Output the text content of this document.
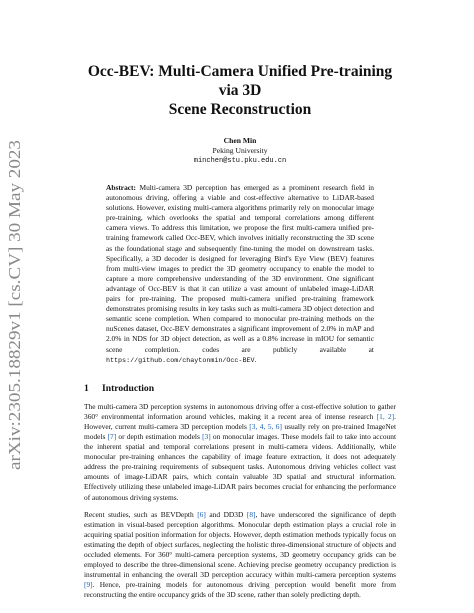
arXiv:2305.18829v1 [cs.CV] 30 May 2023
Occ-BEV: Multi-Camera Unified Pre-training via 3D
Scene Reconstruction
Chen Min
Peking University
minchen@stu.pku.edu.cn
Abstract: Multi-camera 3D perception has emerged as a prominent research field in autonomous driving, offering a viable and cost-effective alternative to LiDAR-based solutions. However, existing multi-camera algorithms primarily rely on monocular image pre-training, which overlooks the spatial and temporal correlations among different camera views. To address this limitation, we propose the first multi-camera unified pre-training framework called Occ-BEV, which involves initially reconstructing the 3D scene as the foundational stage and subsequently fine-tuning the model on downstream tasks. Specifically, a 3D decoder is designed for leveraging Bird's Eye View (BEV) features from multi-view images to predict the 3D geometry occupancy to enable the model to capture a more comprehensive understanding of the 3D environment. One significant advantage of Occ-BEV is that it can utilize a vast amount of unlabeled image-LiDAR pairs for pre-training. The proposed multi-camera unified pre-training framework demonstrates promising results in key tasks such as multi-camera 3D object detection and semantic scene completion. When compared to monocular pre-training methods on the nuScenes dataset, Occ-BEV demonstrates a significant improvement of 2.0% in mAP and 2.0% in NDS for 3D object detection, as well as a 0.8% increase in mIOU for semantic scene completion. codes are publicly available at https://github.com/chaytonmin/Occ-BEV.
1 Introduction
The multi-camera 3D perception systems in autonomous driving offer a cost-effective solution to gather 360° environmental information around vehicles, making it a recent area of intense research [1, 2]. However, current multi-camera 3D perception models [3, 4, 5, 6] usually rely on pre-trained ImageNet models [7] or depth estimation models [3] on monocular images. These models fail to take into account the inherent spatial and temporal correlations present in multi-camera videos. Additionally, while monocular pre-training enhances the capability of image feature extraction, it does not adequately address the pre-training requirements of subsequent tasks. Autonomous driving vehicles collect vast amounts of image-LiDAR pairs, which contain valuable 3D spatial and structural information. Effectively utilizing these unlabeled image-LiDAR pairs becomes crucial for enhancing the performance of autonomous driving systems.
Recent studies, such as BEVDepth [6] and DD3D [8], have underscored the significance of depth estimation in visual-based perception algorithms. Monocular depth estimation plays a crucial role in acquiring spatial position information for objects. However, depth estimation methods typically focus on estimating the depth of object surfaces, neglecting the holistic three-dimensional structure of objects and occluded elements. For 360° multi-camera perception systems, 3D geometry occupancy grids can be employed to describe the three-dimensional scene. Achieving precise geometry occupancy prediction is instrumental in enhancing the overall 3D perception accuracy within multi-camera perception systems [9]. Hence, pre-training models for autonomous driving perception would benefit more from reconstructing the entire occupancy grids of the 3D scene, rather than solely predicting depth.
